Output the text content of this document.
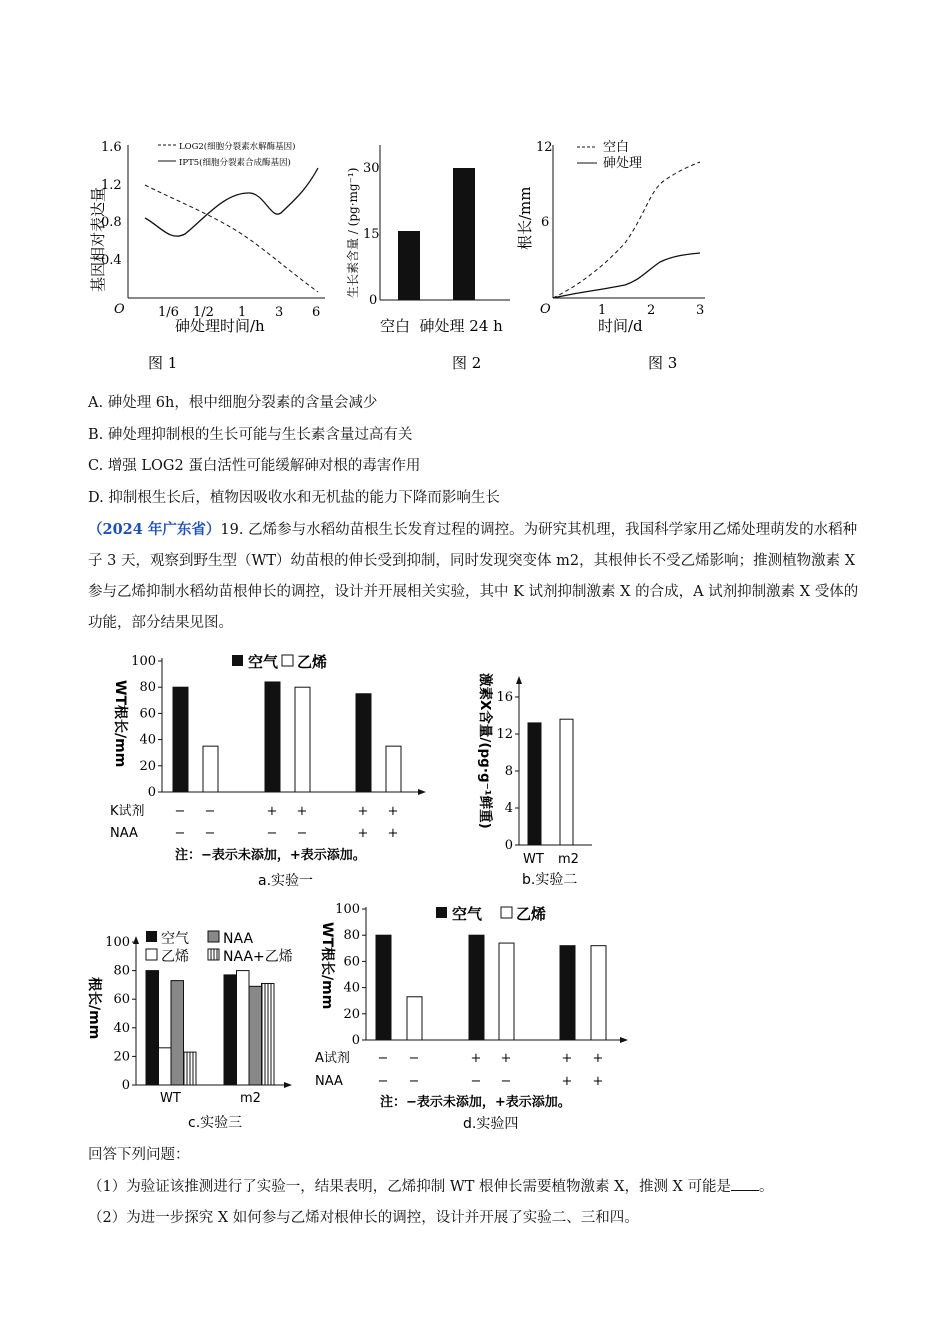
1.6
1.2
0.8
0.4
O	1/6 1/2 1 3 6
砷处理时间/h
基因相对表达量
LOG2(细胞分裂素水解酶基因)
IPT5(细胞分裂素合成酶基因)
图 1
30
15
0
生长素含量 / (pg·mg⁻¹)
空白  砷处理 24 h
图 2
12
6
O	1	2	3
时间/d
根长/mm
空白
砷处理
图 3
A. 砷处理 6h，根中细胞分裂素的含量会减少
B. 砷处理抑制根的生长可能与生长素含量过高有关
C. 增强 LOG2 蛋白活性可能缓解砷对根的毒害作用
D. 抑制根生长后，植物因吸收水和无机盐的能力下降而影响生长
（2024 年广东省）19. 乙烯参与水稻幼苗根生长发育过程的调控。为研究其机理，我国科学家用乙烯处理萌发的水稻种子 3 天，观察到野生型（WT）幼苗根的伸长受到抑制，同时发现突变体 m2，其根伸长不受乙烯影响；推测植物激素 X 参与乙烯抑制水稻幼苗根伸长的调控，设计并开展相关实验，其中 K 试剂抑制激素 X 的合成，A 试剂抑制激素 X 受体的功能，部分结果见图。
100
80
60
40
20
0
WT根长/mm
空气 乙烯
K试剂
NAA
− −	+ +	+ +
− −	− −	+ +
注：−表示未添加，+表示添加。
a.实验一
16
12
8
4
0
激素X含量/(pg·g⁻¹鲜重)
WT m2
b.实验二
100
80
60
40
20
0
根长/mm
空气 NAA
乙烯 NAA+乙烯
WT	m2
c.实验三
100
80
60
40
20
0
WT根长/mm
空气 乙烯
A试剂
NAA
− −	+ +	+ +
− −	− −	+ +
注：−表示未添加，+表示添加。
d.实验四
回答下列问题：
（1）为验证该推测进行了实验一，结果表明，乙烯抑制 WT 根伸长需要植物激素 X，推测 X 可能是 。
（2）为进一步探究 X 如何参与乙烯对根伸长的调控，设计并开展了实验二、三和四。
